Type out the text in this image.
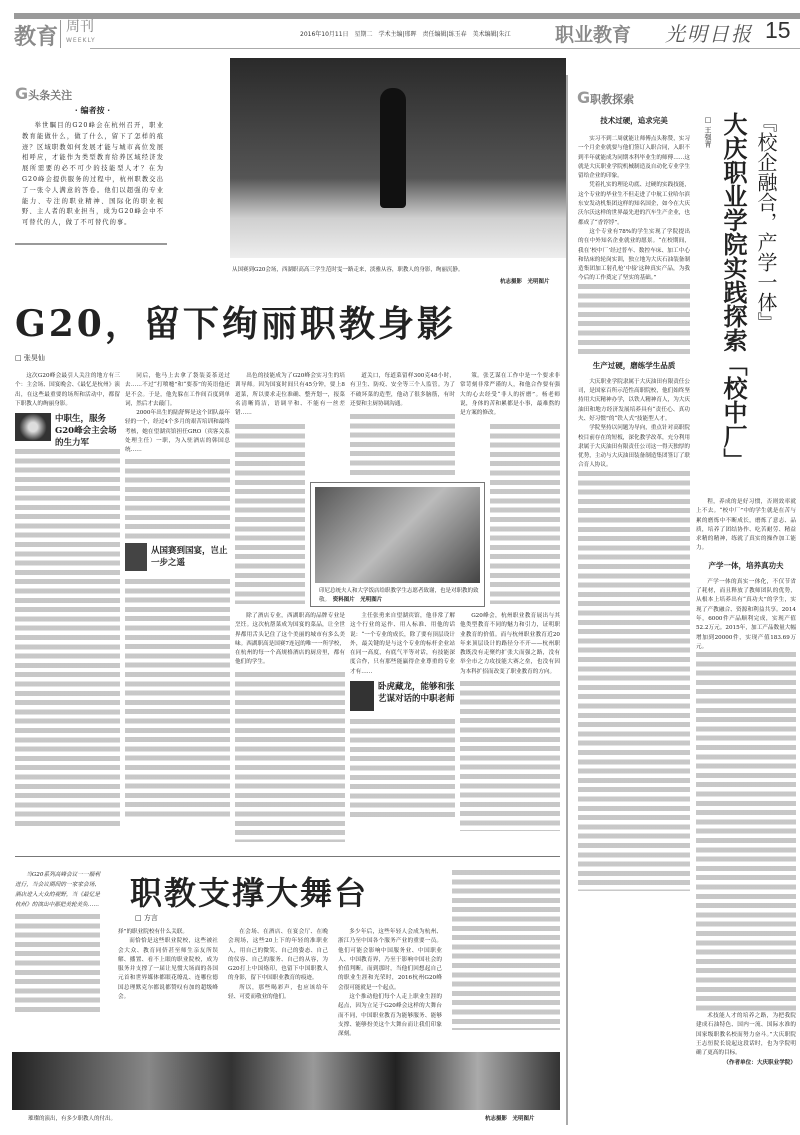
教育 周刊
WEEKLY
2016年10月11日　星期二　学术主编|邢晖　责任编辑|练玉春　美术编辑|朱江 职业教育 光明日报 15
G头条关注
· 编者按 ·
举世瞩目的G20峰会在杭州召开，职业教育能做什么，做了什么，留下了怎样的痕迹？区域职教如何发展才能与城市高位发展相呼应，才能作为类型教育给养区域经济发展所需要的必不可少的技能型人才？在为G20峰会提供服务的过程中，杭州职教交出了一张令人满意的答卷。他们以超强的专业能力、专注的职业精神、国际化的职业视野、主人者的职业担当，成为G20峰会中不可替代的人，做了不可替代的事。
从国赛到G20会场，西湖职高高三学生范时雯一路走来，淡雅从容，职教人的身影，绚丽沉静。
杭志摄影　光明图片
G20，留下绚丽职教身影
□ 张昊仙
这次G20峰会最引人关注的地方有三个：主会场、国宴晚会、《最忆是杭州》演出，在这些最重要的场所和活动中，都留下职教人的绚丽身影。
中职生，服务G20峰会主会场的生力军
同后，他马上去拿了袋装姜茶送过去……不过“打喷嚏”和“要茶”的英语他还是不会。于是，他先躲在工作间百度到单词，然后才去敲门。
2000年出生的陆舒辉是这个团队最年轻的一个，经过4个多月的艰苦培训和最终考核，她在望湖宾馆担任GRO（宾客关系处理主任）一职，为入驻酒店的韩国总统……
从国赛到国宴，岂止一步之遥
出色的技能成为了G20峰会实习生的培训导师。因为国宴时间只有45分钟，要上8道菜，所以要求走位准确、整齐划一，报菜名清晰简洁，语调平和、不能有一丝差错……
道关口，每道菜留样300克48小时，有卫生、防疫、安全等三个人监管。为了不破坏菜的造型，他动了很多脑筋，有时还要和主厨协调沟通。
策。张艺谋在工作中是一个要求非常苛刻非常严谨的人，和他合作要有强大的心去经受“非人的折磨”。杨老师说，身体的苦和累都是小事，最难熬的是方案的修改。
印尼总统夫人和大学饭店给职教学生志愿者致谢，也是对职教的致敬。　 资料图片　光明图片
除了酒店专业，西湖职高的品牌专业是烹饪。这次杭帮菜成为国宴的菜品，让全世界都用舌头记住了这个美丽的城市有多么美味。西湖职高是国赛7连冠的唯一一所学校，在杭州的每一个高规格酒店的厨房里，都有他们的学生。
主任张勇来自望湖宾馆，他非常了解这个行业的运作、用人标准、用他的话说：“一个专业的成长，除了要有顶层设计外，最关键的是与这个专业的标杆企业站在同一高度，有底气平等对话，有技能深度合作，只有那些能赢得企业尊重的专业才有……
卧虎藏龙，能够和张艺谋对话的中职老师
G20峰会，杭州职业教育展出与其他类型教育不同的魅力和引力，证明职业教育的价值。而与杭州职业教育近20年来顶层设计的路径分不开——杭州职教既没有走聚约扩张大而强之路，没有举全市之力攻技能大赛之垒，也没有因为本科扩招而改变了职业教育的方向。
当G20系列高峰会议一一顺利进行，当会议期间的一家家会场、酒店进入大众的视野，当《最忆是杭州》的演出中那把美轮美奂…… 职教支撑大舞台
□ 方言
择”的职业院校有什么关联。
而恰恰是这些职业院校，这些被社会大众、教育同侪甚至师生亲友所误解、播置、看不上眼的职业院校，成为服务并支撑了一届让见惯大场面的各国元首和世界媒体都眼花缭乱、连哪位德国总理默克尔都说都赞叹有加的超级峰会。
在会场、在酒店、在宴会厅、在晚会现场，这些20上下的年轻的准职业人，用自己的微笑、自己的姿态、自己的仪容、自己的服务、自己的从容，为G20打上中国烙印，也留下中国职教人的身影，留下中国职业教育的痕迹。
所以，那些喝彩声，也应该给年轻、可爱而敬业的他们。
多少年后，这些年轻人会成为杭州、浙江乃至中国各个服务产业的重要一员。他们可能会影响中国服务业、中国职业人、中国教育界，乃至于影响中国社会的价值判断。而到那时，当他们回想起自己的职业生涯和光荣时，2016杭州G20峰会很可能就是一个起点。
这个推动他们每个人走上职业生涯的起点，因为立足于G20峰会这样的大舞台而不同，中国职业教育为能够服务、能够支撑、能够扮美这个大舞台而让我们印象深刻。
璀璨的演出，有多少职教人的付出。	杭志摄影　光明图片
G职教探索
『校企融合，产学一体』
大庆职业学院实践探索「校中厂」
□ 王强青
技术过硬，追求完美
实习不到二周就能让师傅点头称赞，实习一个月企业就要与他们签订入职合同，入职不到半年就能成为同期本科毕业生的师傅……这就是大庆职业学院机械制造及自动化专业学生留给企业的印象。
凭着扎实的理论功底、过硬的实践技能，这个专业的毕业生不但走进了中航工业哈尔滨东安发动机集团这样的知名国企，如今在大庆沃尔沃这样的世界最先进的汽车生产企业，也都成了“香饽饽”。
这个专业有78%的学生实现了学院提出的在中外知名企业就业的愿景。“在校期间，我在‘校中厂’经过普车、数控车床、加工中心和钻床的轮岗实训，独立地为大庆石油装备制造集团加工射孔枪‘中接’这种真实产品，为我今后的工作奠定了坚实的基础。”
生产过硬，磨练学生品质
大庆职业学院隶属于大庆油田有限责任公司，是国家百所示范性高职院校，他们始终坚持用大庆精神办学，以铁人精神育人，为大庆油田和地方经济发展培养具有“责任心、真功夫、好习惯”的“铁人式”技能型人才。
学院坚持以问题为导向，重点针对高职院校目前存在的短板，深化教学改革，充分利用隶属于大庆油田有限责任公司这一得天独厚的优势，主动与大庆油田装备制造集团签订了联合育人协议。
程，养成的是好习惯，否则效率就上不去。“校中厂”中的学生就是在苦与累的磨炼中不断成长，磨炼了意志、品质，培养了团结协作、吃苦耐劳、精益求精的精神，练就了真实的操作加工能力。
产学一体，培养真功夫
产学一体的真实一体化，不仅节省了耗材，而且释放了教师团队的优势，从根本上培养出有“真功夫”的学生，实现了产教融合、资源和利益共享。2014年，6000件产品顺利完成，实现产值52.2万元。2015年，加工产品数量大幅增加到20000件，实现产值183.69万元。
术技能人才的培养之路，为把我院建成石油特色、国内一流、国际水准的国家级职教名校而努力奋斗。”大庆职院王志恒院长说起这段话时，也为学院明确了更高的目标。
（作者单位：大庆职业学院）
